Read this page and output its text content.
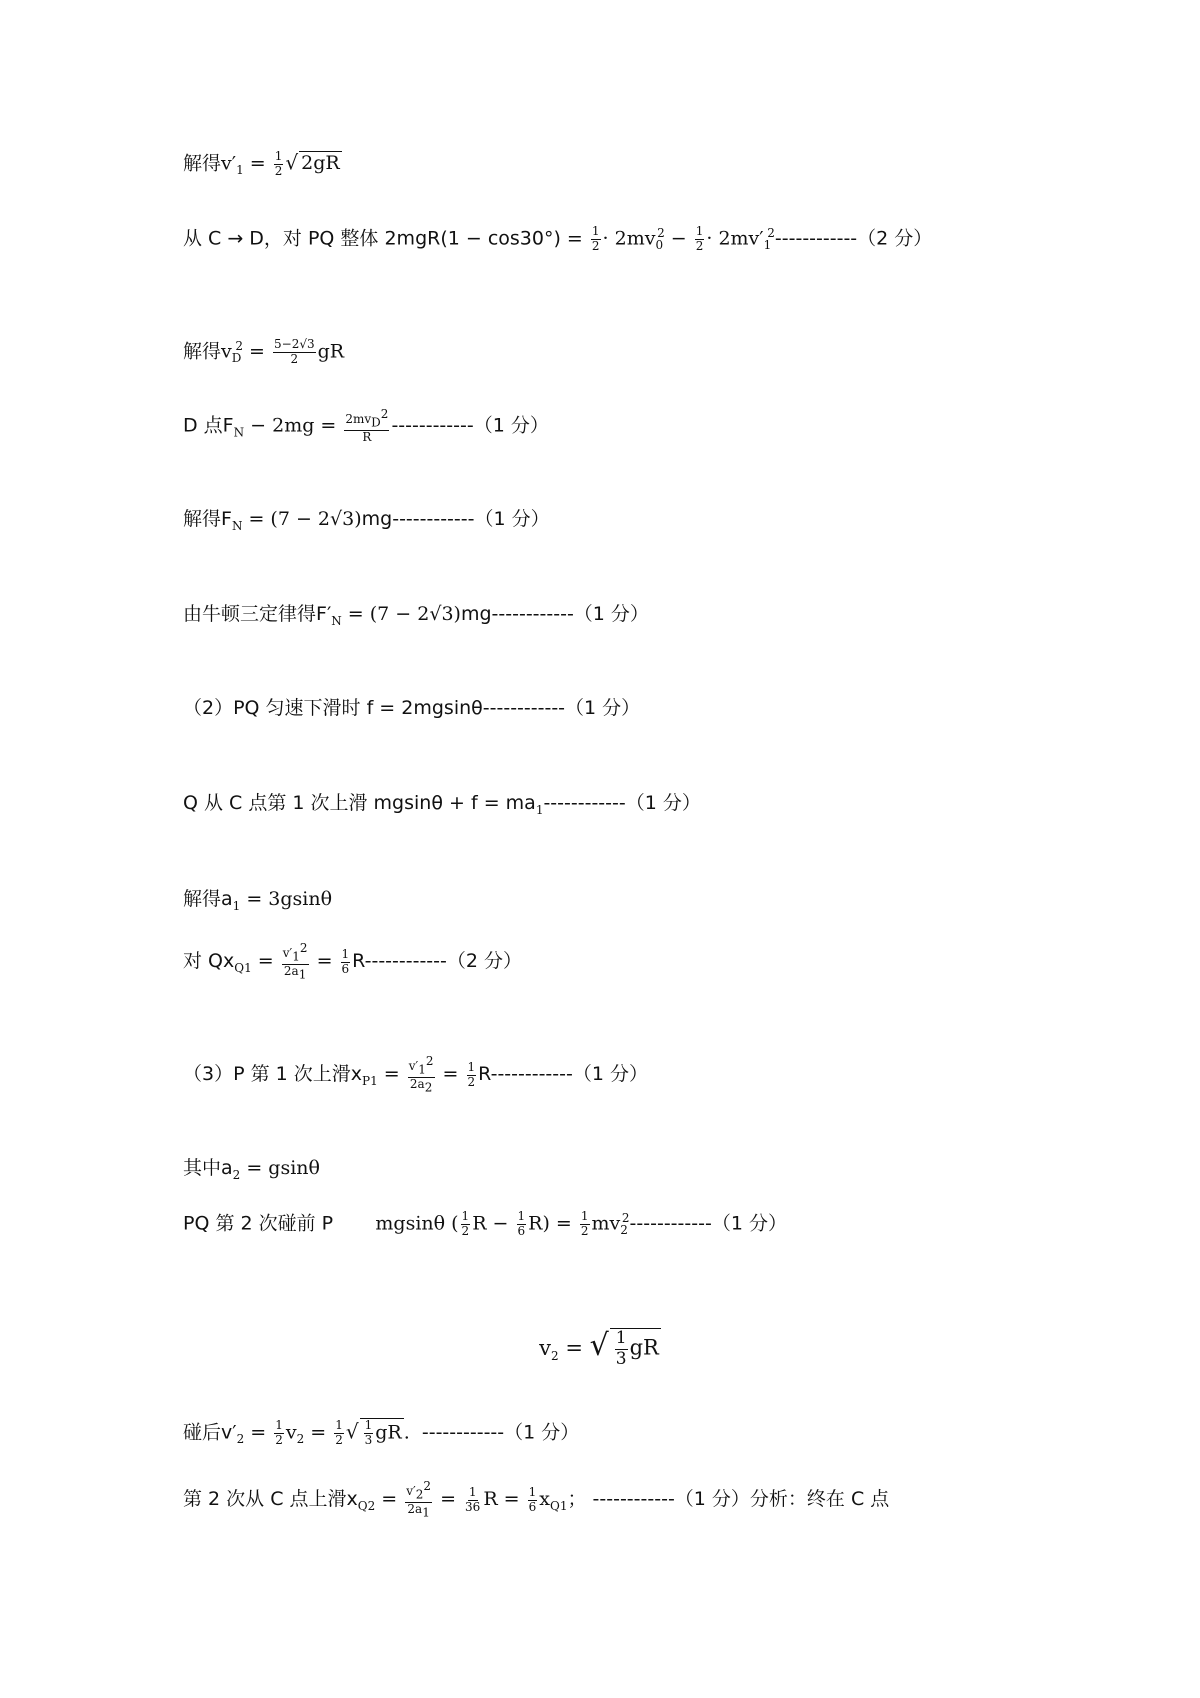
解得$v'_1 = \frac{1}{2}$ √ 2gR
从 C → D，对 PQ 整体 $2mgR(1 - \cos 30^\circ) = \frac{1}{2} \cdot 2mv_0^2 - \frac{1}{2} \cdot 2mv'_1^2------------(2$ 分）
解得$v_D^2 = \frac{5-2√3}{2}$ gR
D 点$F_N - 2mg = \frac{2mv_D^2}{R} ------------(1$ 分）
解得$F_N = (7 - 2√3)mg------------(1$ 分）
由牛顿三定律得$F'_N = (7 - 2√3)mg------------(1$ 分）
（2）PQ 匀速下滑时 f = 2mgsinθ------------（1 分）
Q 从 C 点第 1 次上滑 $mgsin\theta + f = ma_1------------(1$ 分）
解得$a_1 = 3gsin\theta$
对 $Qx_{Q1} = \frac{v'_1^2}{2a_1} = \frac{1}{6} R------------(2$ 分）
（3）P 第 1 次上滑$x_{P1} = \frac{v'_1^2}{2a_2} = \frac{1}{2} R------------(1$ 分）
其中$a_2 = gsin\theta$
PQ 第 2 次碰前 P       mgsinθ ( $\frac{1}{2}$ $R - \frac{1}{6} R) = \frac{1}{2} mv_2^2------------(1$ 分）
$v_2$ = √ $\frac{1}{3}$ gR
碰后$v'_2 = \frac{1}{2} v_2 = \frac{1}{2}$ √ $\frac{1}{3}$ gR .  ------------（1 分）
第 2 次从 C 点上滑$x_{Q2} = \frac{v'_2^2}{2a_1} = \frac{1}{36}$ $R = \frac{1}{6} x_{Q1}$； ------------（1 分）分析：终在 C 点
